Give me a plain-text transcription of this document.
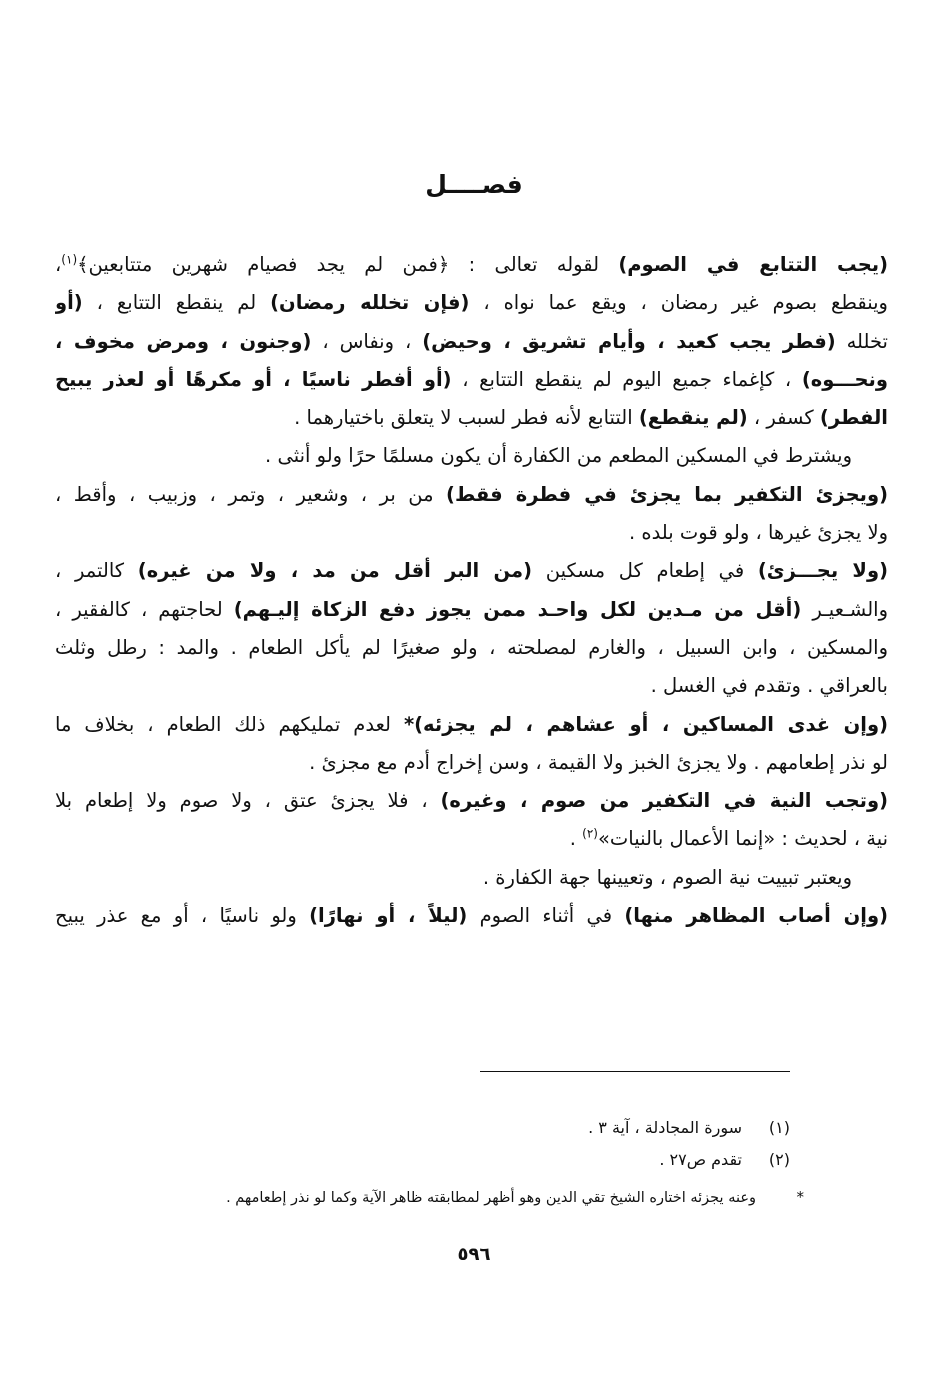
فصــــل
(يجب التتابع في الصوم) لقوله تعالى : ﴿فمن لم يجد فصيام شهرين متتابعين﴾$^{(١)}$،
وينقطع بصوم غير رمضان ، ويقع عما نواه ، (فإن تخلله رمضان) لم ينقطع التتابع ، (أو
تخلله (فطر يجب كعيد ، وأيام تشريق ، وحيض) ، ونفاس ، (وجنون ، ومرض مخوف ،
ونحـــوه) ، كإغماء جميع اليوم لم ينقطع التتابع ، (أو أفطر ناسيًا ، أو مكرهًا أو لعذر يبيح
الفطر) كسفر ، (لم ينقطع) التتابع لأنه فطر لسبب لا يتعلق باختيارهما .
ويشترط في المسكين المطعم من الكفارة أن يكون مسلمًا حرًا ولو أنثى .
(ويجزئ التكفير بما يجزئ في فطرة فقط) من بر ، وشعير ، وتمر ، وزبيب ، وأقط ،
ولا يجزئ غيرها ، ولو قوت بلده .
(ولا يجـــزئ) في إطعام كل مسكين (من البر أقل من مد ، ولا من غيره) كالتمر ،
والشـعيـر (أقل من مـدين لكل واحـد ممن يجوز دفع الزكاة إليـهم) لحاجتهم ، كالفقير ،
والمسكين ، وابن السبيل ، والغارم لمصلحته ، ولو صغيرًا لم يأكل الطعام . والمد : رطل وثلث
بالعراقي . وتقدم في الغسل .
(وإن غدى المساكين ، أو عشاهم ، لم يجزئه)* لعدم تمليكهم ذلك الطعام ، بخلاف ما
لو نذر إطعامهم . ولا يجزئ الخبز ولا القيمة ، وسن إخراج أدم مع مجزئ .
(وتجب النية في التكفير من صوم ، وغيره) ، فلا يجزئ عتق ، ولا صوم ولا إطعام بلا
نية ، لحديث : «إنما الأعمال بالنيات»$^{(٢)}$ .
ويعتبر تبييت نية الصوم ، وتعيينها جهة الكفارة .
(وإن أصاب المظاهر منها) في أثناء الصوم (ليلاً ، أو نهارًا) ولو ناسيًا ، أو مع عذر يبيح
(١)سورة المجادلة ، آية ٣ .
(٢)تقدم ص٢٧ .
*وعنه يجزئه اختاره الشيخ تقي الدين وهو أظهر لمطابقته ظاهر الآية وكما لو نذر إطعامهم .
٥٩٦
